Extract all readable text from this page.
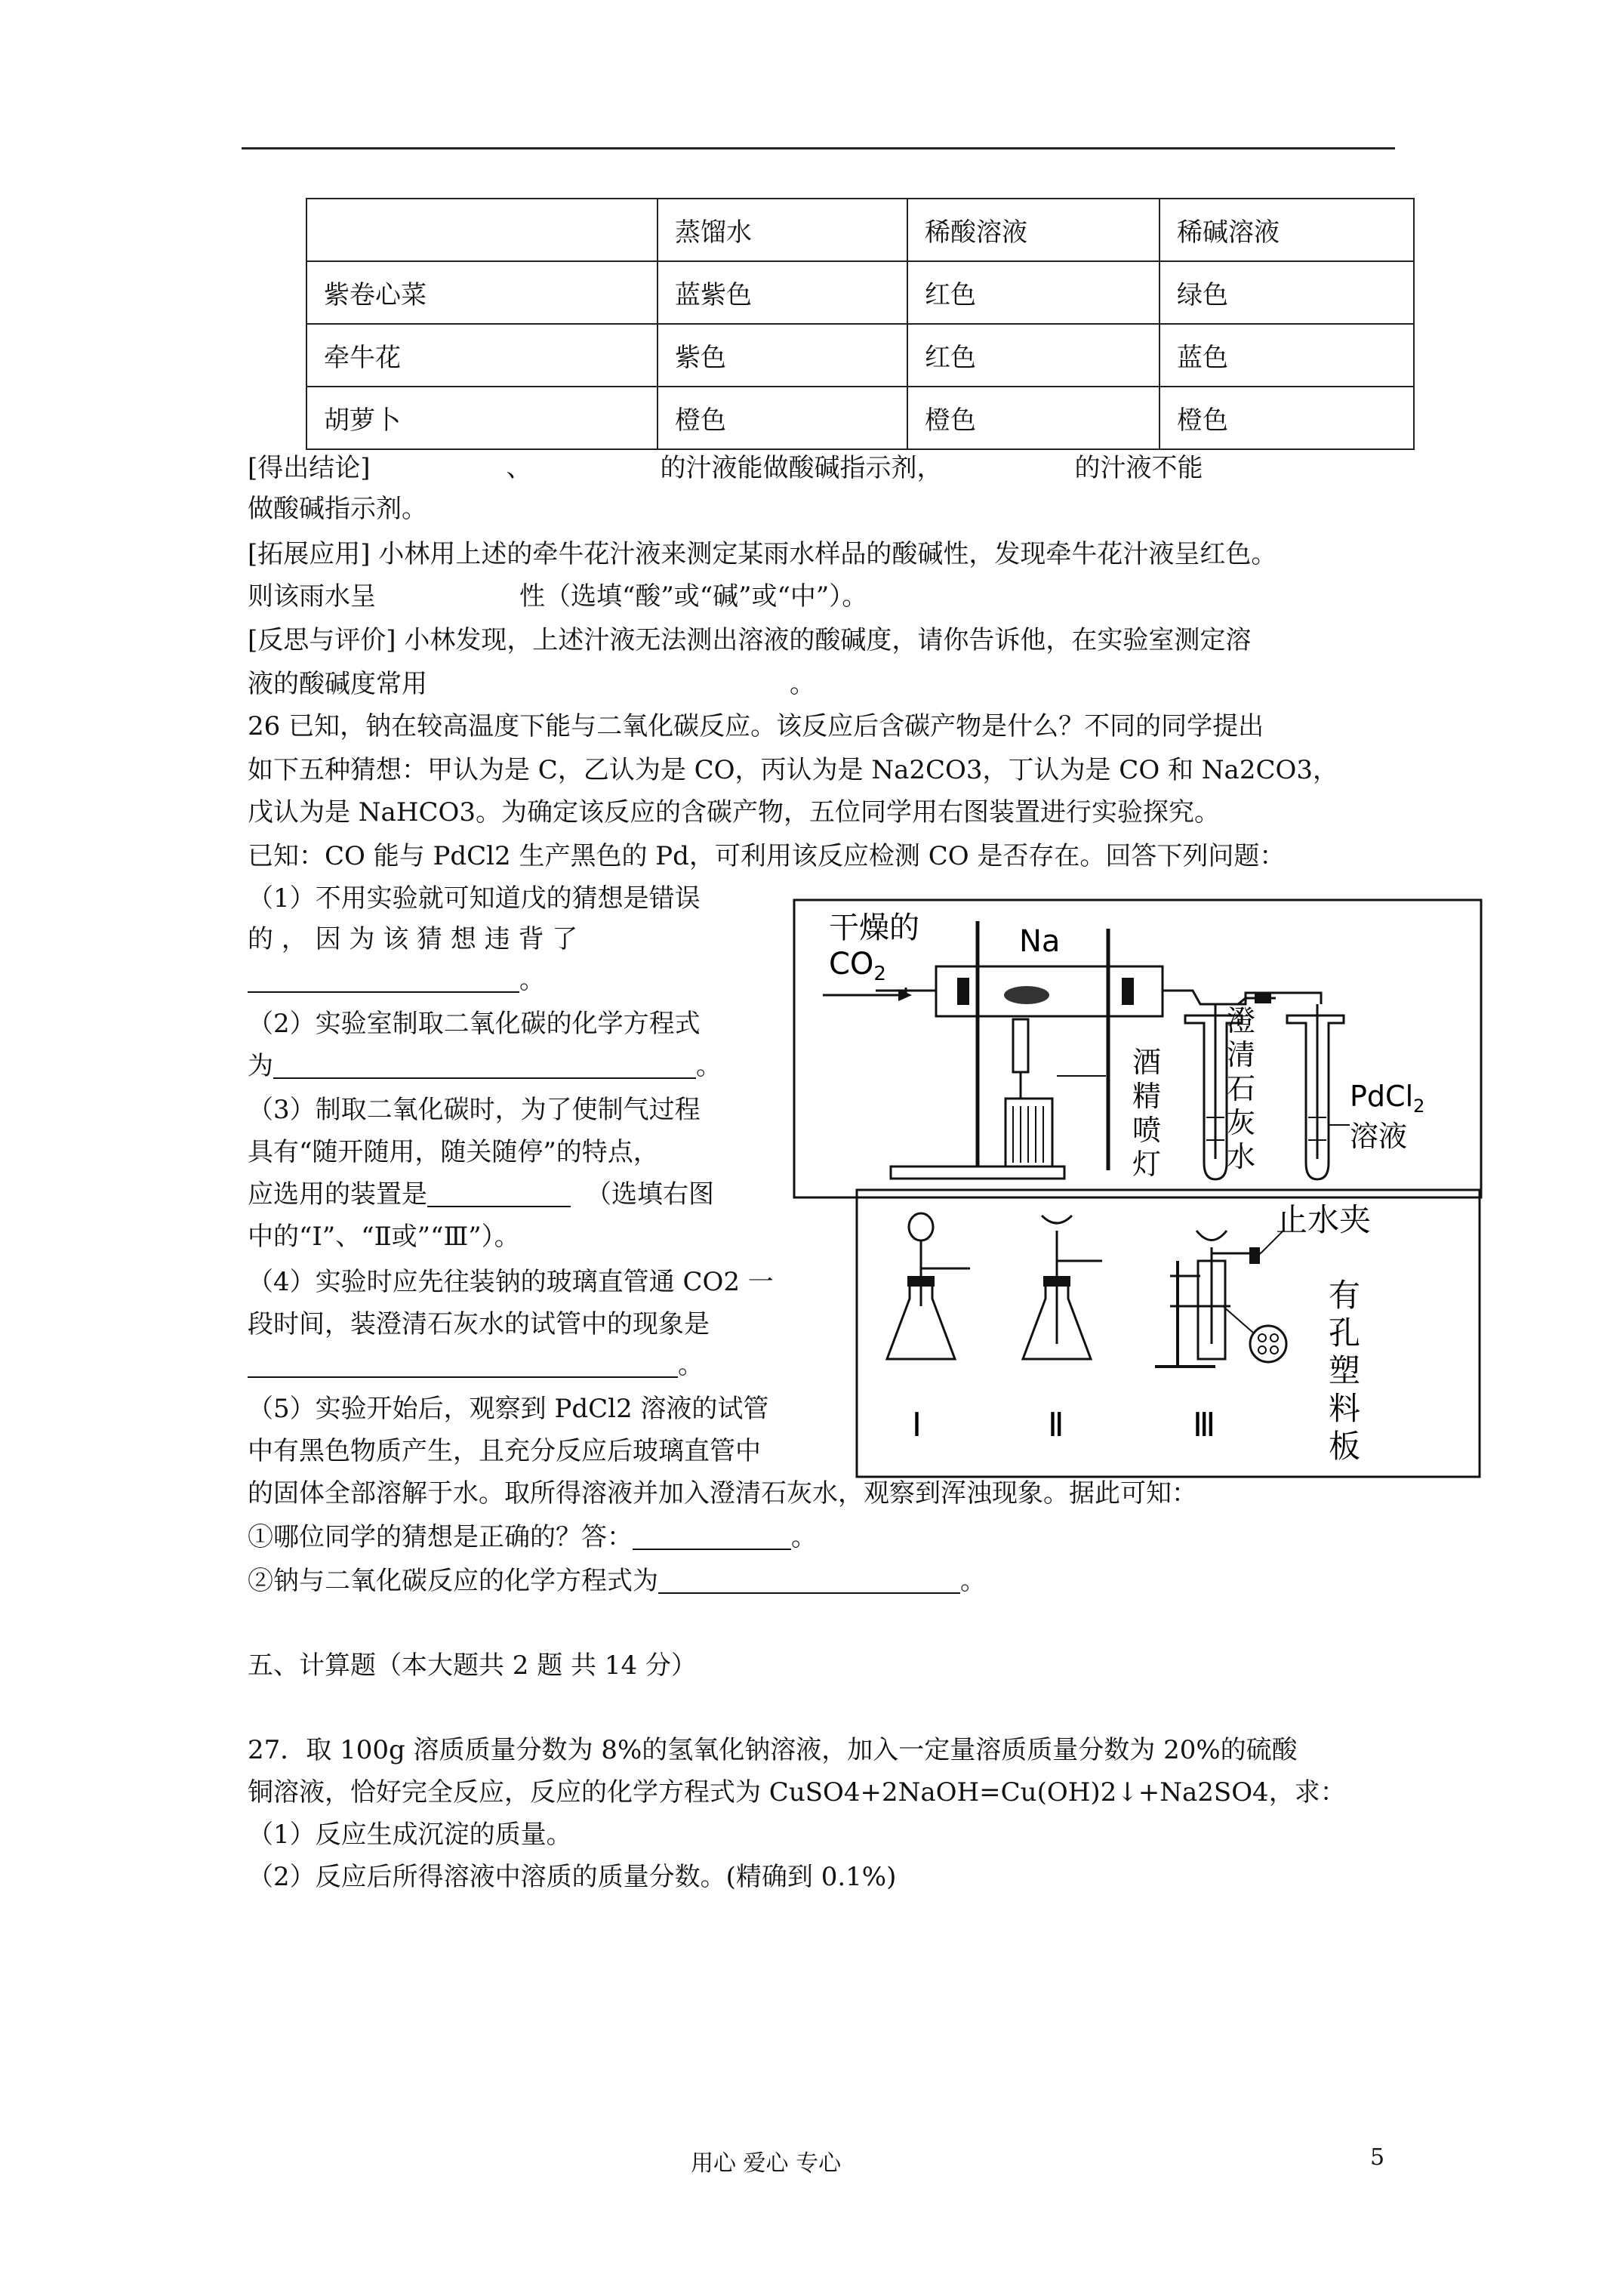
	蒸馏水	稀酸溶液	稀碱溶液
紫卷心菜	蓝紫色	红色	绿色
牵牛花	紫色	红色	蓝色
胡萝卜	橙色	橙色	橙色
[得出结论]	、	的汁液能做酸碱指示剂，	的汁液不能
做酸碱指示剂。
[拓展应用] 小林用上述的牵牛花汁液来测定某雨水样品的酸碱性，发现牵牛花汁液呈红色。
则该雨水呈	性（选填“酸”或“碱”或“中”）。
[反思与评价] 小林发现，上述汁液无法测出溶液的酸碱度，请你告诉他，在实验室测定溶
液的酸碱度常用	。
26 已知，钠在较高温度下能与二氧化碳反应。该反应后含碳产物是什么？不同的同学提出
如下五种猜想：甲认为是 C，乙认为是 CO，丙认为是 Na2CO3，丁认为是 CO 和 Na2CO3，
戊认为是 NaHCO3。为确定该反应的含碳产物，五位同学用右图装置进行实验探究。
已知：CO 能与 PdCl2 生产黑色的 Pd，可利用该反应检测 CO 是否存在。回答下列问题：
（1）不用实验就可知道戊的猜想是错误
的 ， 因 为 该 猜 想 违 背 了
。
（2）实验室制取二氧化碳的化学方程式
为	。
（3）制取二氧化碳时，为了使制气过程
具有“随开随用，随关随停”的特点，
应选用的装置是	（选填右图
中的“Ⅰ”、“Ⅱ或”“Ⅲ”）。
（4）实验时应先往装钠的玻璃直管通 CO2 一
段时间，装澄清石灰水的试管中的现象是
。
（5）实验开始后，观察到 PdCl2 溶液的试管
中有黑色物质产生，且充分反应后玻璃直管中
的固体全部溶解于水。取所得溶液并加入澄清石灰水，观察到浑浊现象。据此可知：
①哪位同学的猜想是正确的？答：	。
②钠与二氧化碳反应的化学方程式为	。
干燥的
$CO_2$
Na
酒
精
喷
灯
澄
清
石
灰
水
PdCl$_2$
溶液
Ⅰ	Ⅱ
止水夹
有
孔
塑
料
板
Ⅲ
五、计算题（本大题共 2 题 共 14 分）
27．取 100g 溶质质量分数为 8%的氢氧化钠溶液，加入一定量溶质质量分数为 20%的硫酸
铜溶液，恰好完全反应，反应的化学方程式为 CuSO4+2NaOH=Cu(OH)2↓+Na2SO4，求：
（1）反应生成沉淀的质量。
（2）反应后所得溶液中溶质的质量分数。(精确到 0.1%)
用心 爱心 专心	5
